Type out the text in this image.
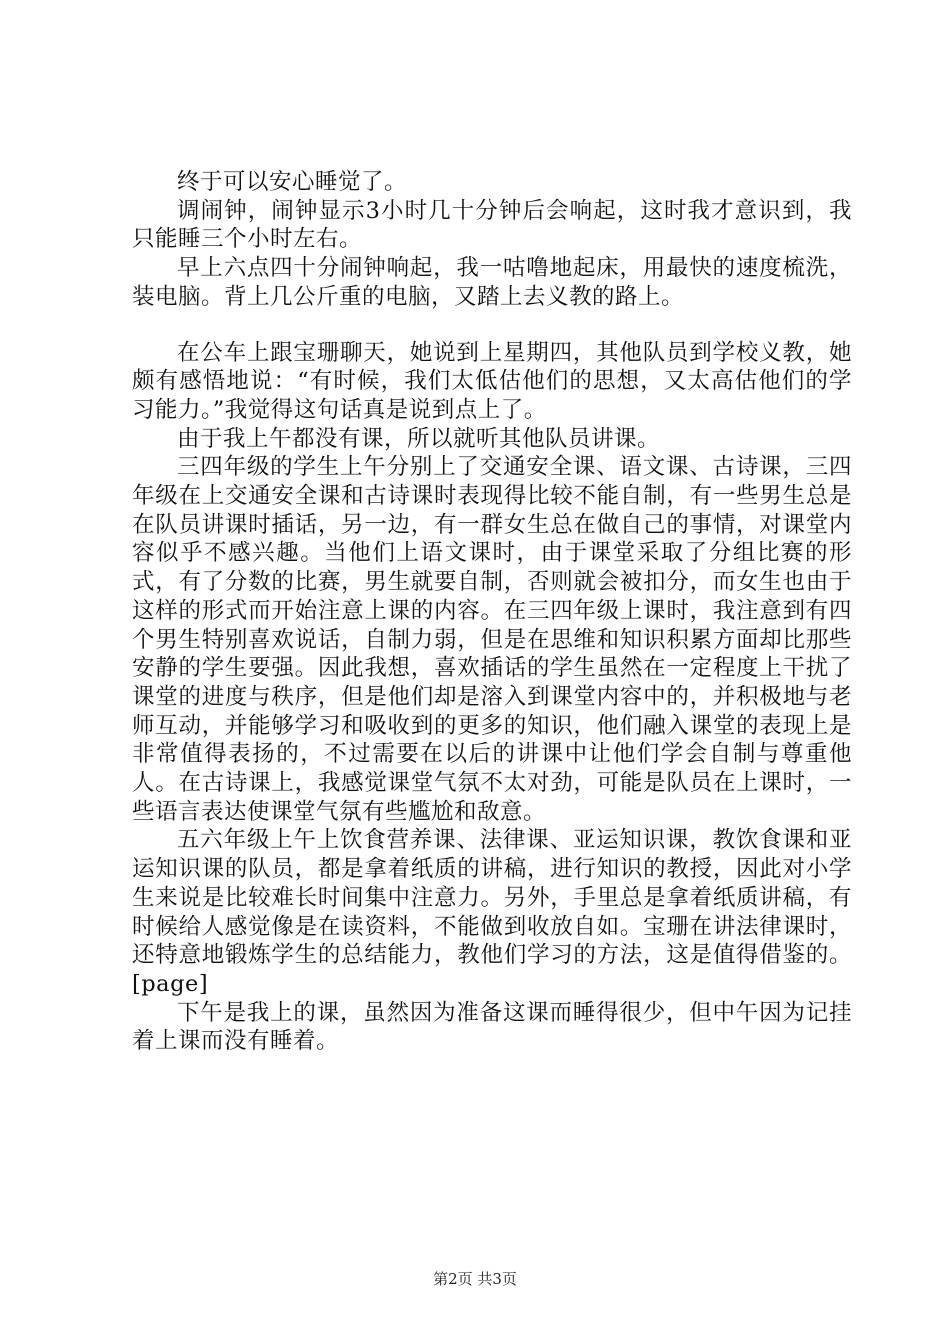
终于可以安心睡觉了。

调闹钟，闹钟显示3小时几十分钟后会响起，这时我才意识到，我只能睡三个小时左右。

早上六点四十分闹钟响起，我一咕噜地起床，用最快的速度梳洗，装电脑。背上几公斤重的电脑，又踏上去义教的路上。

在公车上跟宝珊聊天，她说到上星期四，其他队员到学校义教，她颇有感悟地说：“有时候，我们太低估他们的思想，又太高估他们的学习能力。”我觉得这句话真是说到点上了。

由于我上午都没有课，所以就听其他队员讲课。

三四年级的学生上午分别上了交通安全课、语文课、古诗课，三四年级在上交通安全课和古诗课时表现得比较不能自制，有一些男生总是在队员讲课时插话，另一边，有一群女生总在做自己的事情，对课堂内容似乎不感兴趣。当他们上语文课时，由于课堂采取了分组比赛的形式，有了分数的比赛，男生就要自制，否则就会被扣分，而女生也由于这样的形式而开始注意上课的内容。在三四年级上课时，我注意到有四个男生特别喜欢说话，自制力弱，但是在思维和知识积累方面却比那些安静的学生要强。因此我想，喜欢插话的学生虽然在一定程度上干扰了课堂的进度与秩序，但是他们却是溶入到课堂内容中的，并积极地与老师互动，并能够学习和吸收到的更多的知识，他们融入课堂的表现上是非常值得表扬的，不过需要在以后的讲课中让他们学会自制与尊重他人。在古诗课上，我感觉课堂气氛不太对劲，可能是队员在上课时，一些语言表达使课堂气氛有些尴尬和敌意。

五六年级上午上饮食营养课、法律课、亚运知识课，教饮食课和亚运知识课的队员，都是拿着纸质的讲稿，进行知识的教授，因此对小学生来说是比较难长时间集中注意力。另外，手里总是拿着纸质讲稿，有时候给人感觉像是在读资料，不能做到收放自如。宝珊在讲法律课时，还特意地锻炼学生的总结能力，教他们学习的方法，这是值得借鉴的。[page]

下午是我上的课，虽然因为准备这课而睡得很少，但中午因为记挂着上课而没有睡着。

第2页 共3页
